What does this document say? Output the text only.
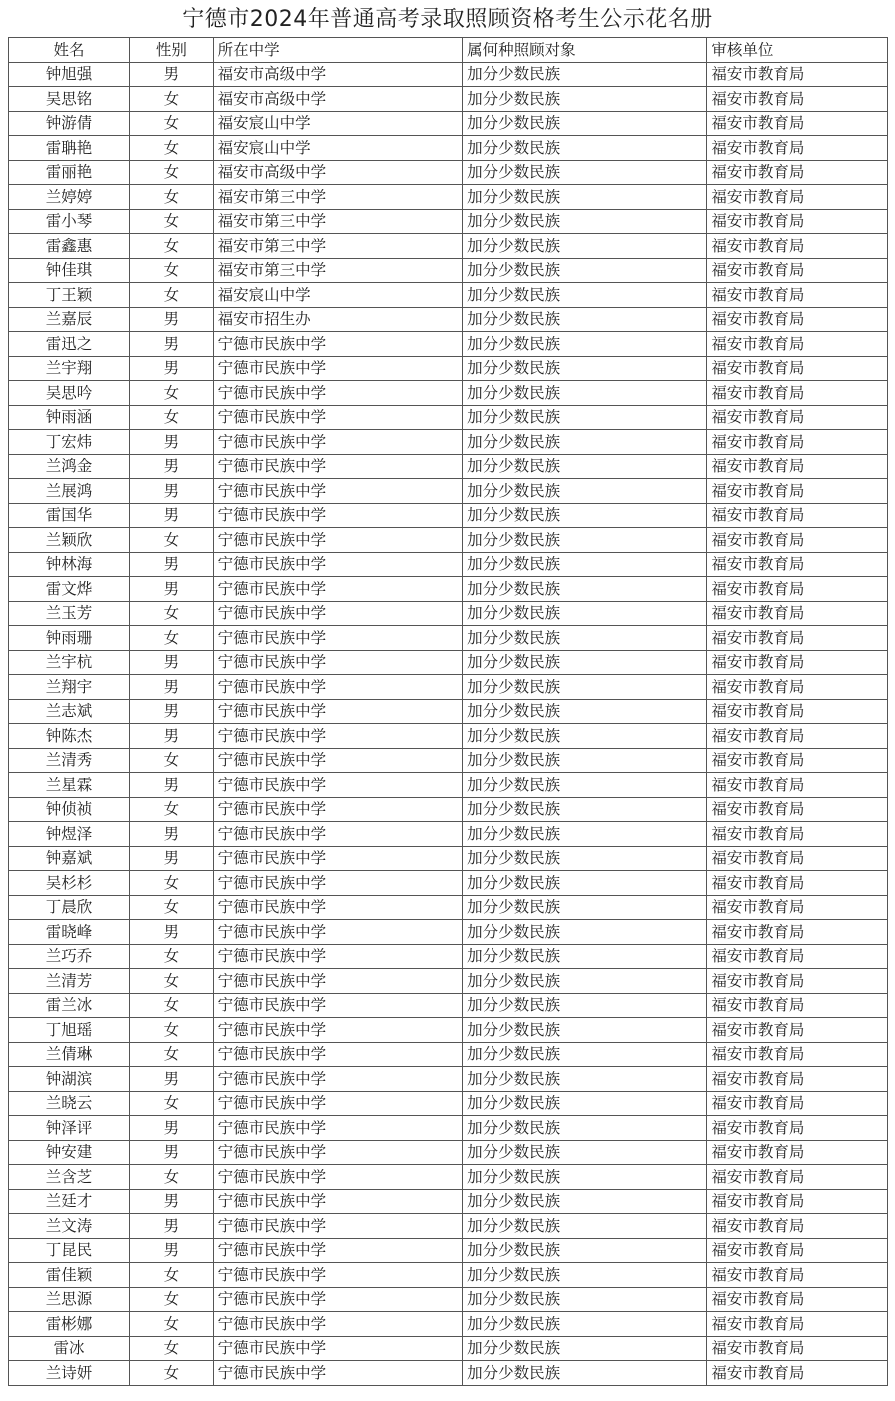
宁德市2024年普通高考录取照顾资格考生公示花名册
姓名	性别	所在中学	属何种照顾对象	审核单位
钟旭强	男	福安市高级中学	加分少数民族	福安市教育局
吴思铭	女	福安市高级中学	加分少数民族	福安市教育局
钟游倩	女	福安宸山中学	加分少数民族	福安市教育局
雷聃艳	女	福安宸山中学	加分少数民族	福安市教育局
雷丽艳	女	福安市高级中学	加分少数民族	福安市教育局
兰婷婷	女	福安市第三中学	加分少数民族	福安市教育局
雷小琴	女	福安市第三中学	加分少数民族	福安市教育局
雷鑫惠	女	福安市第三中学	加分少数民族	福安市教育局
钟佳琪	女	福安市第三中学	加分少数民族	福安市教育局
丁王颖	女	福安宸山中学	加分少数民族	福安市教育局
兰嘉辰	男	福安市招生办	加分少数民族	福安市教育局
雷迅之	男	宁德市民族中学	加分少数民族	福安市教育局
兰宇翔	男	宁德市民族中学	加分少数民族	福安市教育局
吴思吟	女	宁德市民族中学	加分少数民族	福安市教育局
钟雨涵	女	宁德市民族中学	加分少数民族	福安市教育局
丁宏炜	男	宁德市民族中学	加分少数民族	福安市教育局
兰鸿金	男	宁德市民族中学	加分少数民族	福安市教育局
兰展鸿	男	宁德市民族中学	加分少数民族	福安市教育局
雷国华	男	宁德市民族中学	加分少数民族	福安市教育局
兰颖欣	女	宁德市民族中学	加分少数民族	福安市教育局
钟林海	男	宁德市民族中学	加分少数民族	福安市教育局
雷文烨	男	宁德市民族中学	加分少数民族	福安市教育局
兰玉芳	女	宁德市民族中学	加分少数民族	福安市教育局
钟雨珊	女	宁德市民族中学	加分少数民族	福安市教育局
兰宇杭	男	宁德市民族中学	加分少数民族	福安市教育局
兰翔宇	男	宁德市民族中学	加分少数民族	福安市教育局
兰志斌	男	宁德市民族中学	加分少数民族	福安市教育局
钟陈杰	男	宁德市民族中学	加分少数民族	福安市教育局
兰清秀	女	宁德市民族中学	加分少数民族	福安市教育局
兰星霖	男	宁德市民族中学	加分少数民族	福安市教育局
钟侦祯	女	宁德市民族中学	加分少数民族	福安市教育局
钟煜泽	男	宁德市民族中学	加分少数民族	福安市教育局
钟嘉斌	男	宁德市民族中学	加分少数民族	福安市教育局
吴杉杉	女	宁德市民族中学	加分少数民族	福安市教育局
丁晨欣	女	宁德市民族中学	加分少数民族	福安市教育局
雷晓峰	男	宁德市民族中学	加分少数民族	福安市教育局
兰巧乔	女	宁德市民族中学	加分少数民族	福安市教育局
兰清芳	女	宁德市民族中学	加分少数民族	福安市教育局
雷兰冰	女	宁德市民族中学	加分少数民族	福安市教育局
丁旭瑶	女	宁德市民族中学	加分少数民族	福安市教育局
兰倩琳	女	宁德市民族中学	加分少数民族	福安市教育局
钟湖滨	男	宁德市民族中学	加分少数民族	福安市教育局
兰晓云	女	宁德市民族中学	加分少数民族	福安市教育局
钟泽评	男	宁德市民族中学	加分少数民族	福安市教育局
钟安建	男	宁德市民族中学	加分少数民族	福安市教育局
兰含芝	女	宁德市民族中学	加分少数民族	福安市教育局
兰廷才	男	宁德市民族中学	加分少数民族	福安市教育局
兰文涛	男	宁德市民族中学	加分少数民族	福安市教育局
丁昆民	男	宁德市民族中学	加分少数民族	福安市教育局
雷佳颖	女	宁德市民族中学	加分少数民族	福安市教育局
兰思源	女	宁德市民族中学	加分少数民族	福安市教育局
雷彬娜	女	宁德市民族中学	加分少数民族	福安市教育局
雷冰	女	宁德市民族中学	加分少数民族	福安市教育局
兰诗妍	女	宁德市民族中学	加分少数民族	福安市教育局
